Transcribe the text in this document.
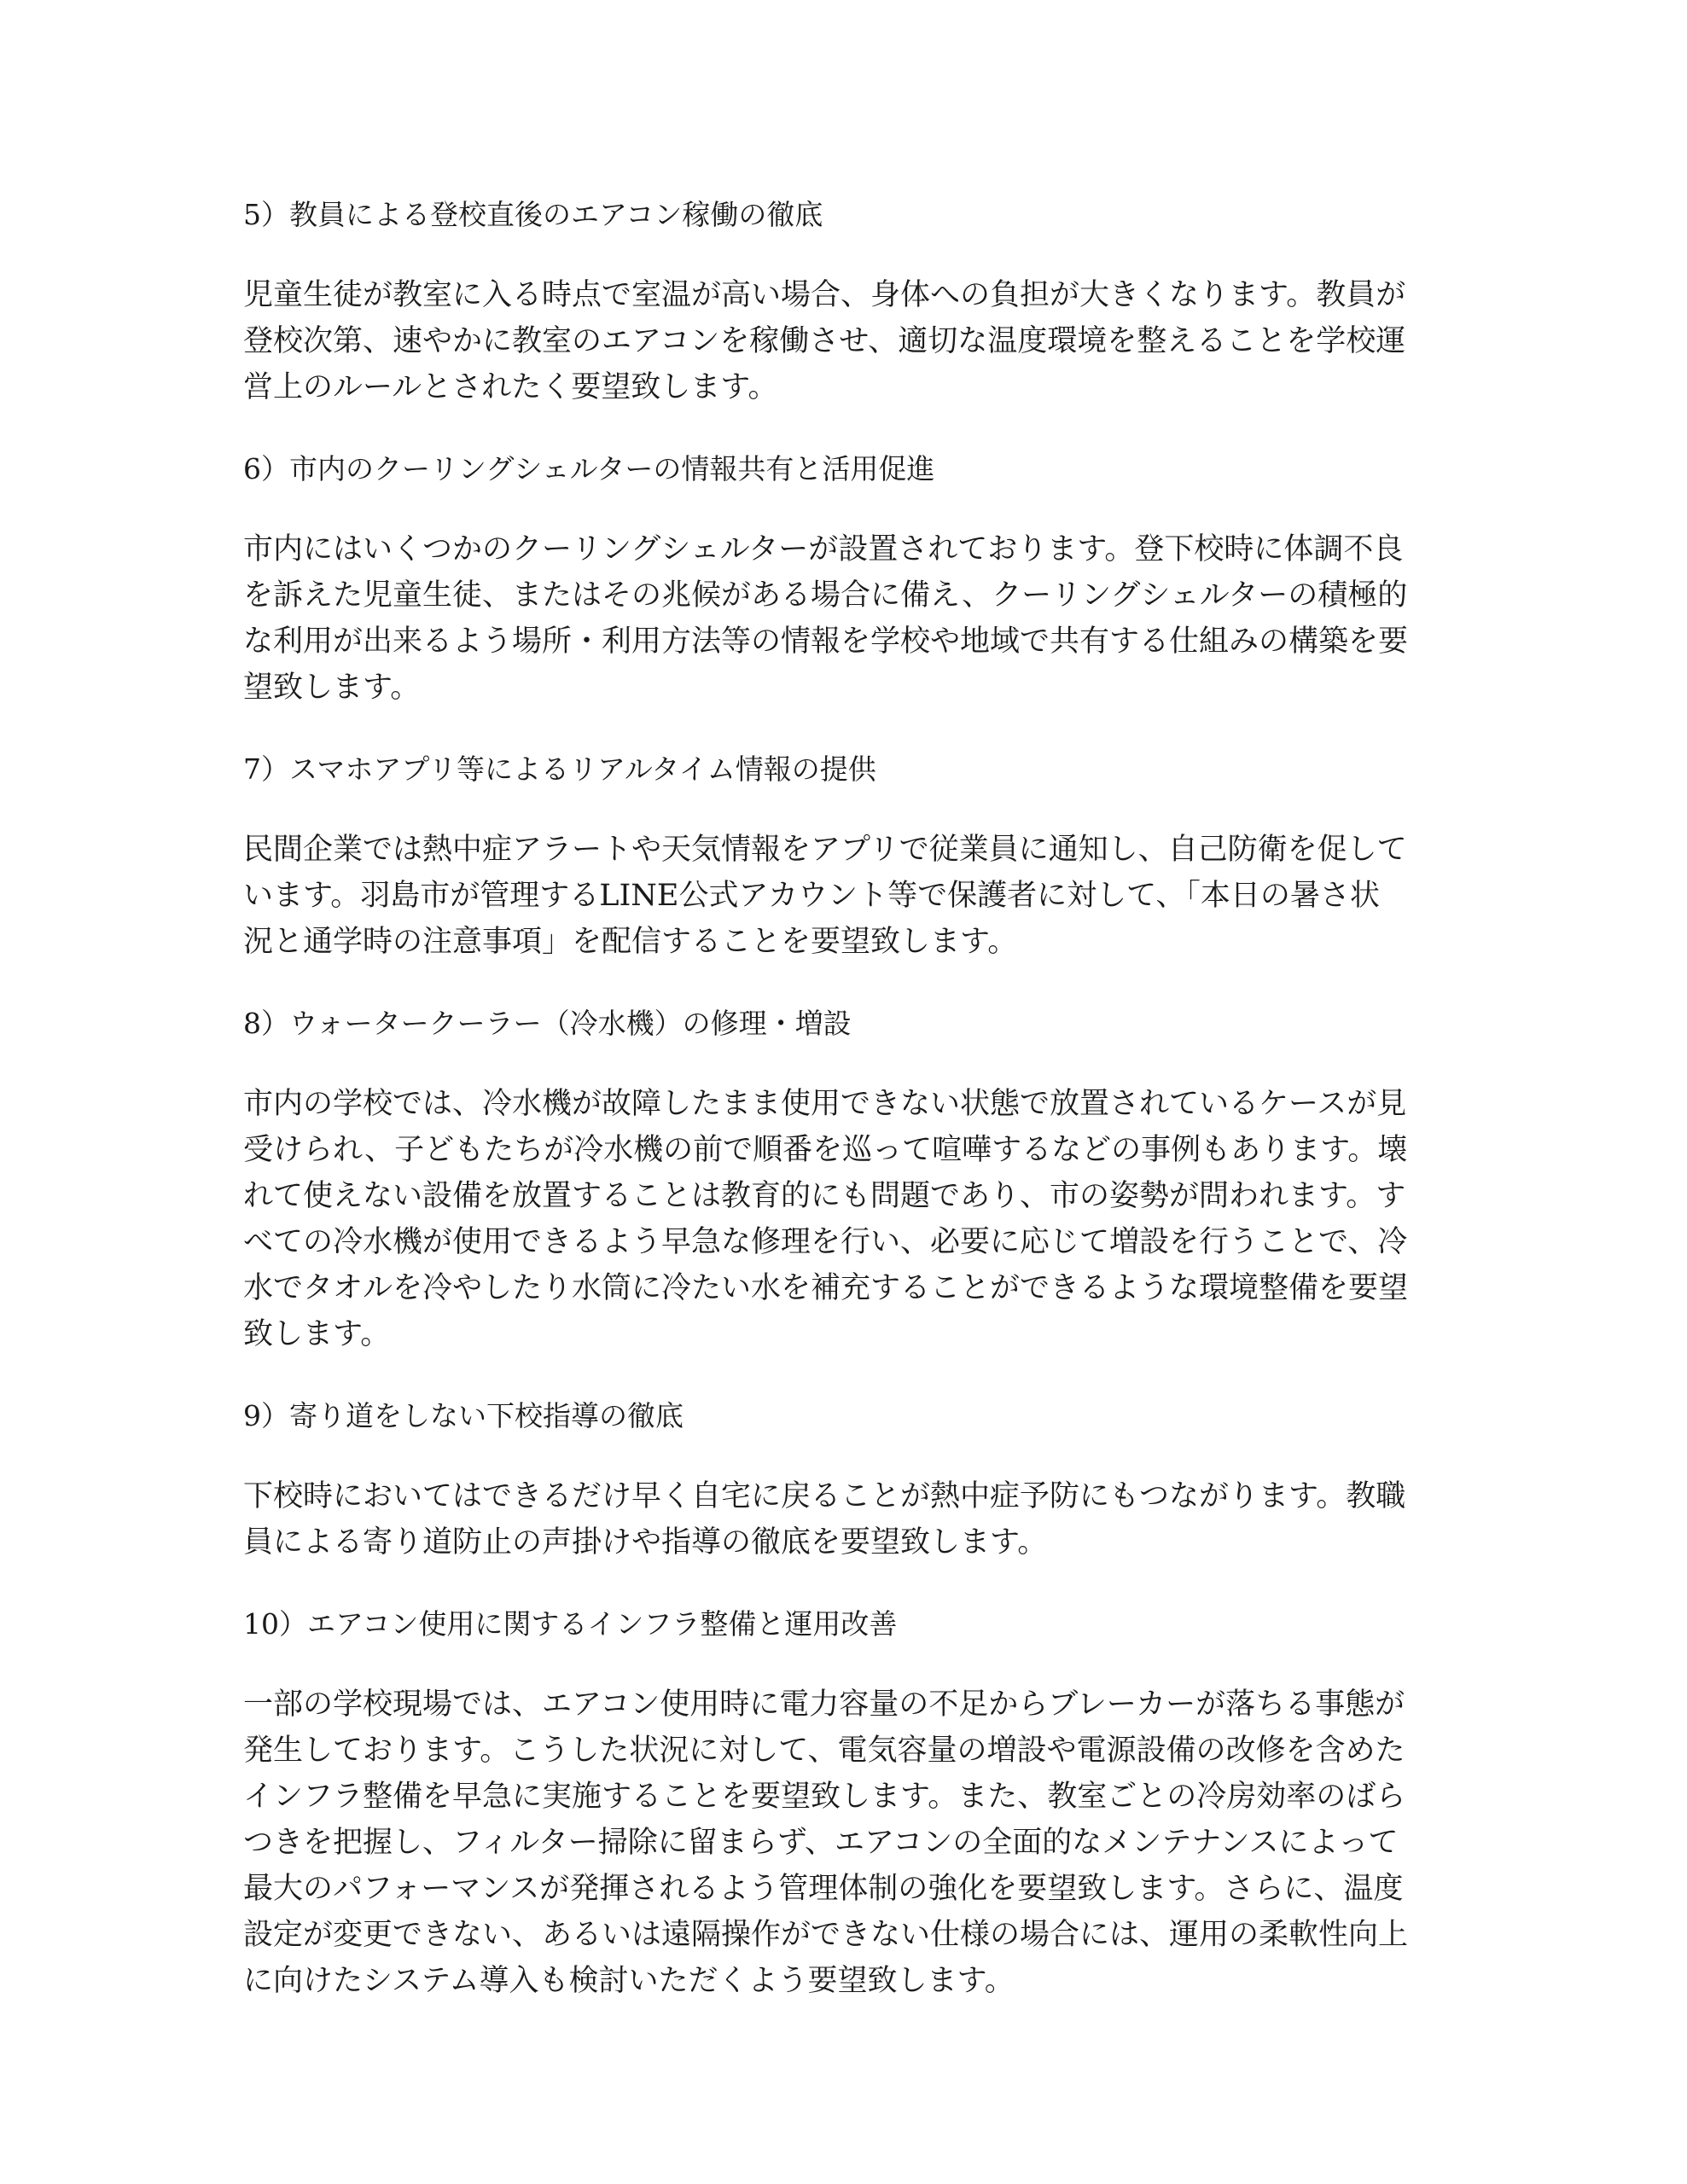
5）教員による登校直後のエアコン稼働の徹底
児童生徒が教室に入る時点で室温が高い場合、身体への負担が大きくなります。教員が
登校次第、速やかに教室のエアコンを稼働させ、適切な温度環境を整えることを学校運
営上のルールとされたく要望致します。
6）市内のクーリングシェルターの情報共有と活用促進
市内にはいくつかのクーリングシェルターが設置されております。登下校時に体調不良
を訴えた児童生徒、またはその兆候がある場合に備え、クーリングシェルターの積極的
な利用が出来るよう場所・利用方法等の情報を学校や地域で共有する仕組みの構築を要
望致します。
7）スマホアプリ等によるリアルタイム情報の提供
民間企業では熱中症アラートや天気情報をアプリで従業員に通知し、自己防衛を促して
います。羽島市が管理するLINE公式アカウント等で保護者に対して、「本日の暑さ状
況と通学時の注意事項」を配信することを要望致します。
8）ウォータークーラー（冷水機）の修理・増設
市内の学校では、冷水機が故障したまま使用できない状態で放置されているケースが見
受けられ、子どもたちが冷水機の前で順番を巡って喧嘩するなどの事例もあります。壊
れて使えない設備を放置することは教育的にも問題であり、市の姿勢が問われます。す
べての冷水機が使用できるよう早急な修理を行い、必要に応じて増設を行うことで、冷
水でタオルを冷やしたり水筒に冷たい水を補充することができるような環境整備を要望
致します。
9）寄り道をしない下校指導の徹底
下校時においてはできるだけ早く自宅に戻ることが熱中症予防にもつながります。教職
員による寄り道防止の声掛けや指導の徹底を要望致します。
10）エアコン使用に関するインフラ整備と運用改善
一部の学校現場では、エアコン使用時に電力容量の不足からブレーカーが落ちる事態が
発生しております。こうした状況に対して、電気容量の増設や電源設備の改修を含めた
インフラ整備を早急に実施することを要望致します。また、教室ごとの冷房効率のばら
つきを把握し、フィルター掃除に留まらず、エアコンの全面的なメンテナンスによって
最大のパフォーマンスが発揮されるよう管理体制の強化を要望致します。さらに、温度
設定が変更できない、あるいは遠隔操作ができない仕様の場合には、運用の柔軟性向上
に向けたシステム導入も検討いただくよう要望致します。
